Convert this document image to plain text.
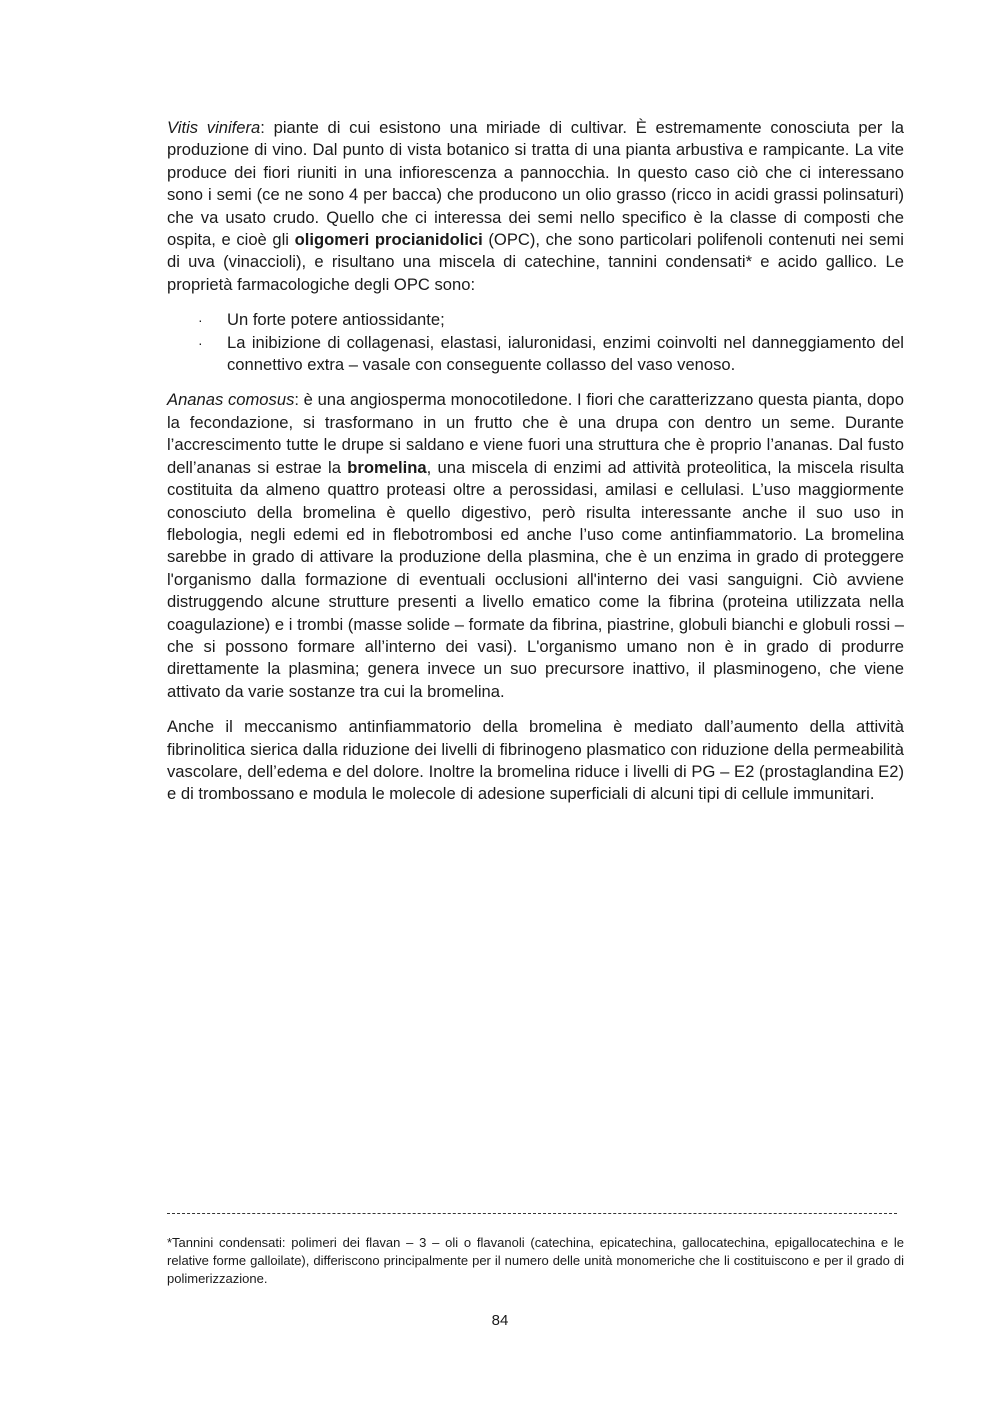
Vitis vinifera: piante di cui esistono una miriade di cultivar. È estremamente conosciuta per la produzione di vino. Dal punto di vista botanico si tratta di una pianta arbustiva e rampicante. La vite produce dei fiori riuniti in una infiorescenza a pannocchia. In questo caso ciò che ci interessano sono i semi (ce ne sono 4 per bacca) che producono un olio grasso (ricco in acidi grassi polinsaturi) che va usato crudo. Quello che ci interessa dei semi nello specifico è la classe di composti che ospita, e cioè gli oligomeri procianidolici (OPC), che sono particolari polifenoli contenuti nei semi di uva (vinaccioli), e risultano una miscela di catechine, tannini condensati* e acido gallico. Le proprietà farmacologiche degli OPC sono:

· Un forte potere antiossidante;
· La inibizione di collagenasi, elastasi, ialuronidasi, enzimi coinvolti nel danneggiamento del connettivo extra – vasale con conseguente collasso del vaso venoso.

Ananas comosus: è una angiosperma monocotiledone. I fiori che caratterizzano questa pianta, dopo la fecondazione, si trasformano in un frutto che è una drupa con dentro un seme. Durante l’accrescimento tutte le drupe si saldano e viene fuori una struttura che è proprio l’ananas. Dal fusto dell’ananas si estrae la bromelina, una miscela di enzimi ad attività proteolitica, la miscela risulta costituita da almeno quattro proteasi oltre a perossidasi, amilasi e cellulasi. L’uso maggiormente conosciuto della bromelina è quello digestivo, però risulta interessante anche il suo uso in flebologia, negli edemi ed in flebotrombosi ed anche l’uso come antinfiammatorio. La bromelina sarebbe in grado di attivare la produzione della plasmina, che è un enzima in grado di proteggere l'organismo dalla formazione di eventuali occlusioni all'interno dei vasi sanguigni. Ciò avviene distruggendo alcune strutture presenti a livello ematico come la fibrina (proteina utilizzata nella coagulazione) e i trombi (masse solide – formate da fibrina, piastrine, globuli bianchi e globuli rossi – che si possono formare all’interno dei vasi). L'organismo umano non è in grado di produrre direttamente la plasmina; genera invece un suo precursore inattivo, il plasminogeno, che viene attivato da varie sostanze tra cui la bromelina.

Anche il meccanismo antinfiammatorio della bromelina è mediato dall’aumento della attività fibrinolitica sierica dalla riduzione dei livelli di fibrinogeno plasmatico con riduzione della permeabilità vascolare, dell’edema e del dolore. Inoltre la bromelina riduce i livelli di PG – E2 (prostaglandina E2) e di trombossano e modula le molecole di adesione superficiali di alcuni tipi di cellule immunitari.

*Tannini condensati: polimeri dei flavan – 3 – oli o flavanoli (catechina, epicatechina, gallocatechina, epigallocatechina e le relative forme galloilate), differiscono principalmente per il numero delle unità monomeriche che li costituiscono e per il grado di polimerizzazione.

84
